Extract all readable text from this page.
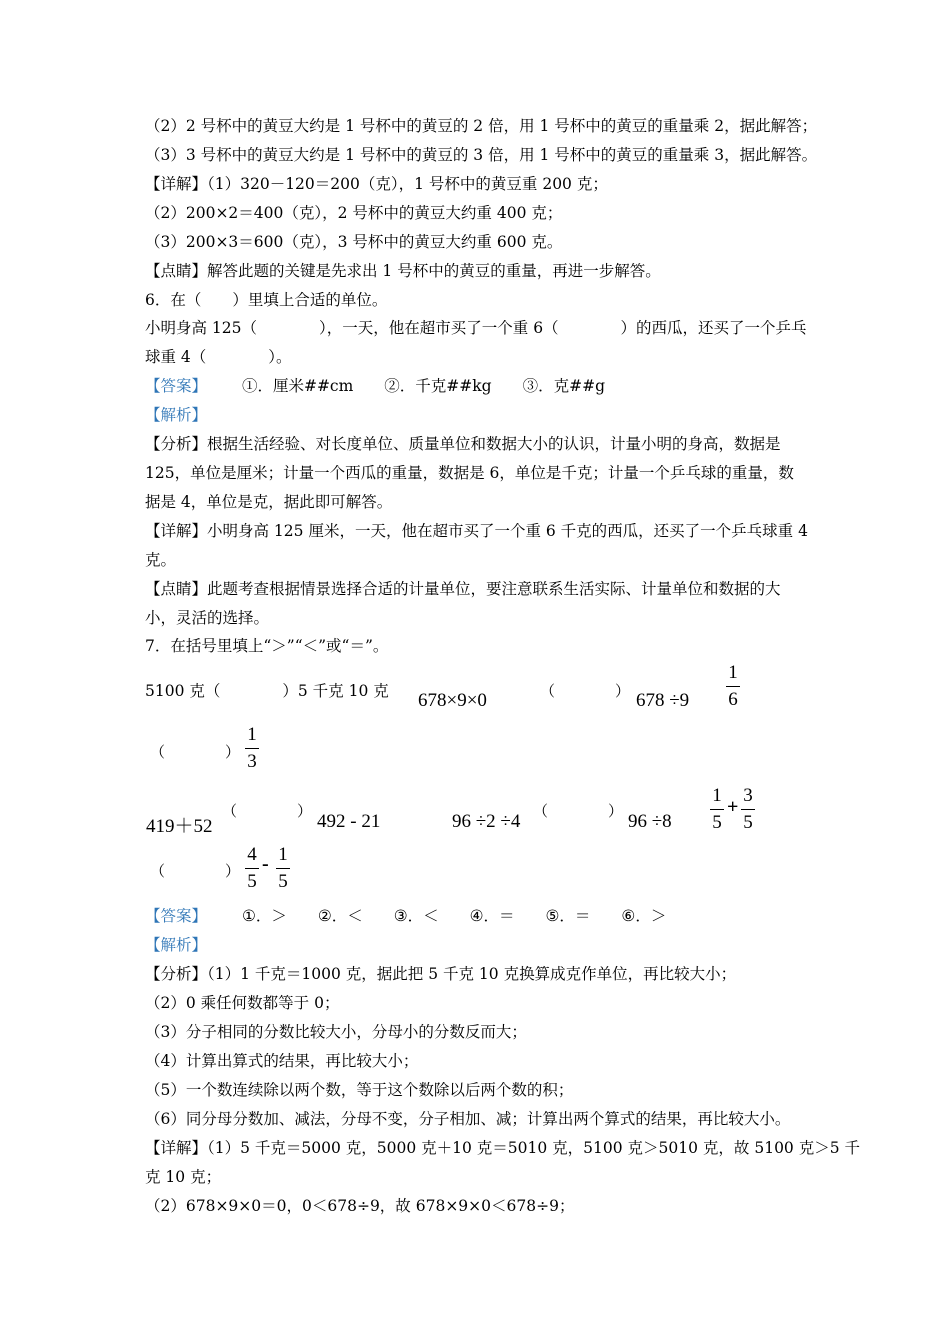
（2）2 号杯中的黄豆大约是 1 号杯中的黄豆的 2 倍，用 1 号杯中的黄豆的重量乘 2，据此解答；
（3）3 号杯中的黄豆大约是 1 号杯中的黄豆的 3 倍，用 1 号杯中的黄豆的重量乘 3，据此解答。
【详解】（1）320－120＝200（克），1 号杯中的黄豆重 200 克；
（2）200×2＝400（克），2 号杯中的黄豆大约重 400 克；
（3）200×3＝600（克），3 号杯中的黄豆大约重 600 克。
【点睛】解答此题的关键是先求出 1 号杯中的黄豆的重量，再进一步解答。
6．在（　　）里填上合适的单位。
小明身高 125（　　　　），一天，他在超市买了一个重 6（　　　　）的西瓜，还买了一个乒乓
球重 4（　　　　）。
【答案】 ①．厘米##cm　　②．千克##kg　　③．克##g
【解析】
【分析】根据生活经验、对长度单位、质量单位和数据大小的认识，计量小明的身高，数据是
125，单位是厘米；计量一个西瓜的重量，数据是 6，单位是千克；计量一个乒乓球的重量，数
据是 4，单位是克，据此即可解答。
【详解】小明身高 125 厘米，一天，他在超市买了一个重 6 千克的西瓜，还买了一个乒乓球重 4
克。
【点睛】此题考查根据情景选择合适的计量单位，要注意联系生活实际、计量单位和数据的大
小，灵活的选择。
7．在括号里填上“＞”“＜”或“＝”。
5100 克（　　　　）5 千克 10 克 678×9×0	（　　　　） 678 ÷9
1
6
（　　　　）
1
3
419＋52
（　　　　） 492 - 21	96 ÷2 ÷4 （　　　　） 96 ÷8
1
5
+
3
5
（　　　　）
4
5
- 1
5
【答案】 ①．＞　　②．＜　　③．＜　　④．＝　　⑤．＝　　⑥．＞
【解析】
【分析】（1）1 千克＝1000 克，据此把 5 千克 10 克换算成克作单位，再比较大小；
（2）0 乘任何数都等于 0；
（3）分子相同的分数比较大小，分母小的分数反而大；
（4）计算出算式的结果，再比较大小；
（5）一个数连续除以两个数，等于这个数除以后两个数的积；
（6）同分母分数加、减法，分母不变，分子相加、减；计算出两个算式的结果，再比较大小。
【详解】（1）5 千克＝5000 克，5000 克＋10 克＝5010 克，5100 克＞5010 克，故 5100 克＞5 千
克 10 克；
（2）678×9×0＝0，0＜678÷9，故 678×9×0＜678÷9；
